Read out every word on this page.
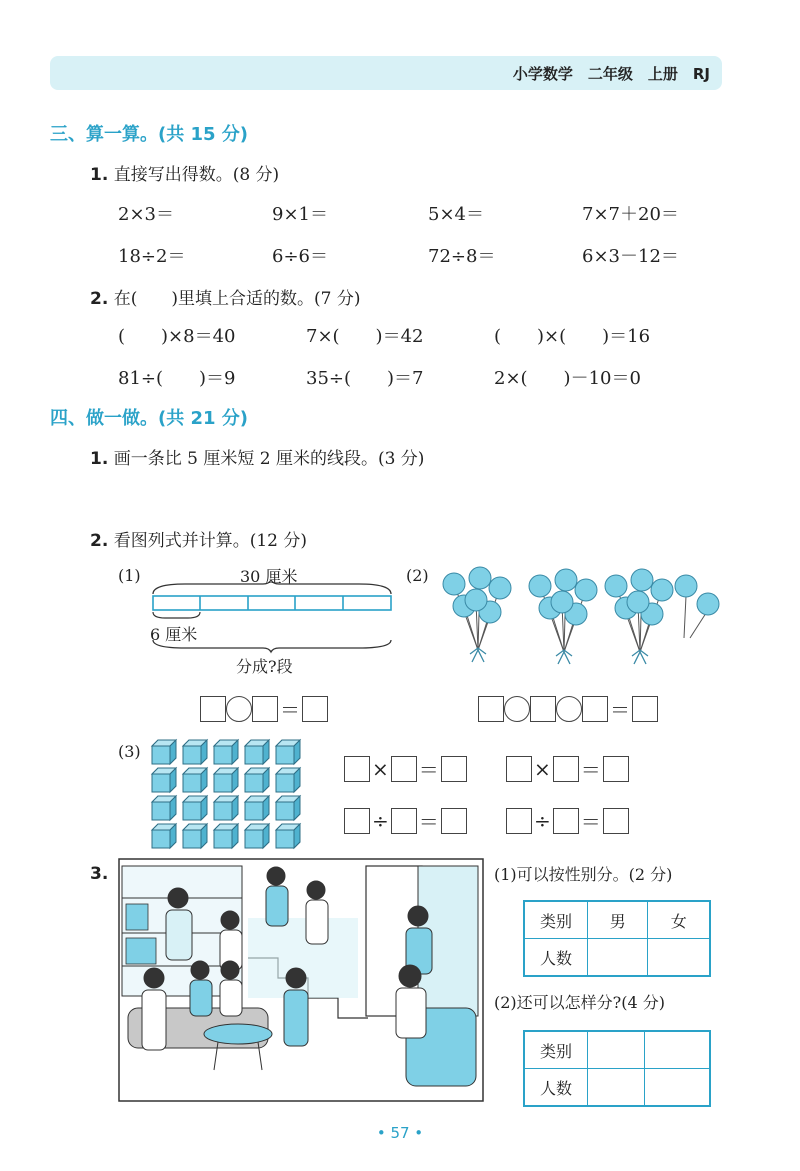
小学数学　二年级　上册　RJ
三、算一算。(共 15 分)
1. 直接写出得数。(8 分)
2×3＝	9×1＝	5×4＝	7×7＋20＝
18÷2＝	6÷6＝	72÷8＝	6×3－12＝
2. 在(　　)里填上合适的数。(7 分)
(　　)×8＝40	7×(　　)＝42	(　　)×(　　)＝16
81÷(　　)＝9	35÷(　　)＝7	2×(　　)－10＝0
四、做一做。(共 21 分)
1. 画一条比 5 厘米短 2 厘米的线段。(3 分)
2. 看图列式并计算。(12 分)
(1)	30 厘米
6 厘米
分成?段
＝
(2)
＝
(3)
× ＝	× ＝
÷ ＝	÷ ＝
3.	(1)可以按性别分。(2 分)
类别	男	女
人数		
(2)还可以怎样分?(4 分)
类别		
人数		
• 57 •
